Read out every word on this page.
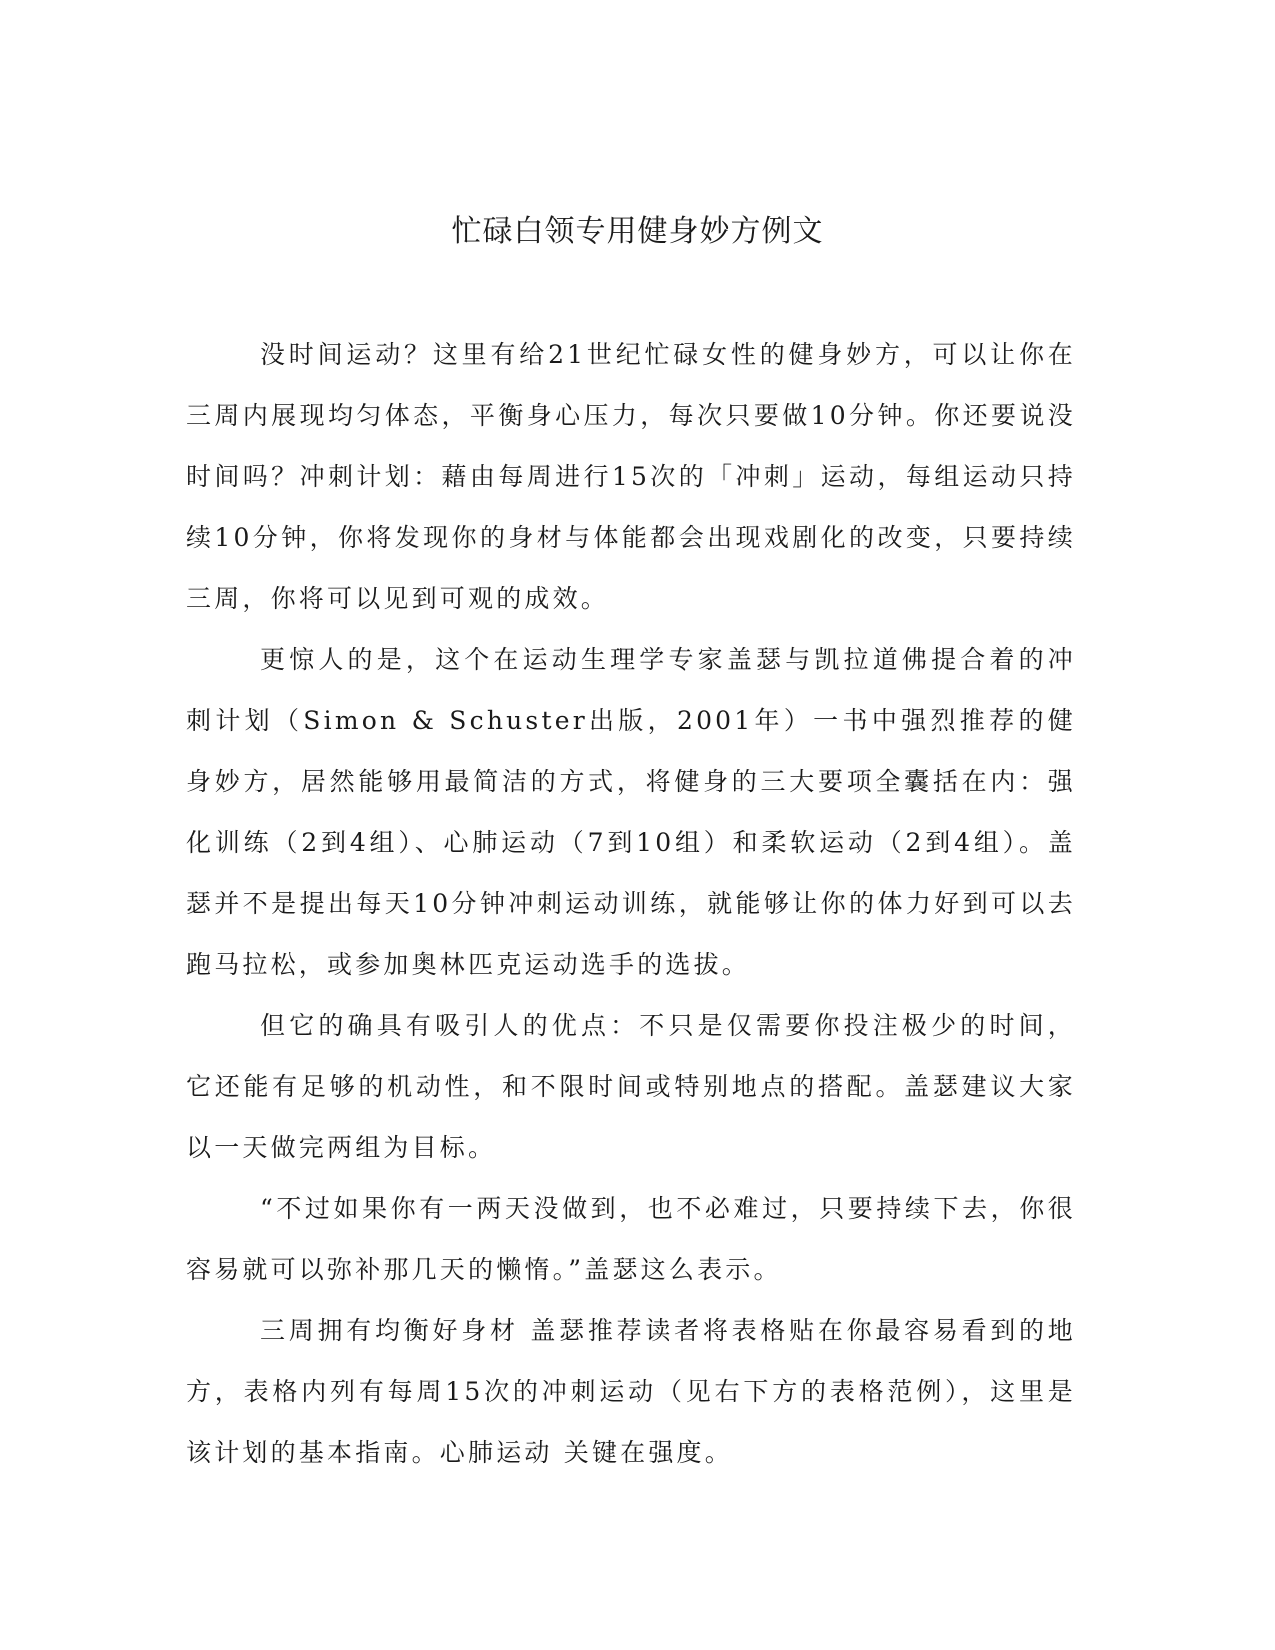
忙碌白领专用健身妙方例文

没时间运动？这里有给21世纪忙碌女性的健身妙方，可以让你在三周内展现均匀体态，平衡身心压力，每次只要做10分钟。你还要说没时间吗？冲刺计划：藉由每周进行15次的「冲刺」运动，每组运动只持续10分钟，你将发现你的身材与体能都会出现戏剧化的改变，只要持续三周，你将可以见到可观的成效。

更惊人的是，这个在运动生理学专家盖瑟与凯拉道佛提合着的冲刺计划（Simon & Schuster出版，2001年）一书中强烈推荐的健身妙方，居然能够用最简洁的方式，将健身的三大要项全囊括在内：强化训练（2到4组）、心肺运动（7到10组）和柔软运动（2到4组）。盖瑟并不是提出每天10分钟冲刺运动训练，就能够让你的体力好到可以去跑马拉松，或参加奥林匹克运动选手的选拔。

但它的确具有吸引人的优点：不只是仅需要你投注极少的时间，它还能有足够的机动性，和不限时间或特别地点的搭配。盖瑟建议大家以一天做完两组为目标。

“不过如果你有一两天没做到，也不必难过，只要持续下去，你很容易就可以弥补那几天的懒惰。”盖瑟这么表示。

三周拥有均衡好身材 盖瑟推荐读者将表格贴在你最容易看到的地方，表格内列有每周15次的冲刺运动（见右下方的表格范例），这里是该计划的基本指南。心肺运动 关键在强度。
